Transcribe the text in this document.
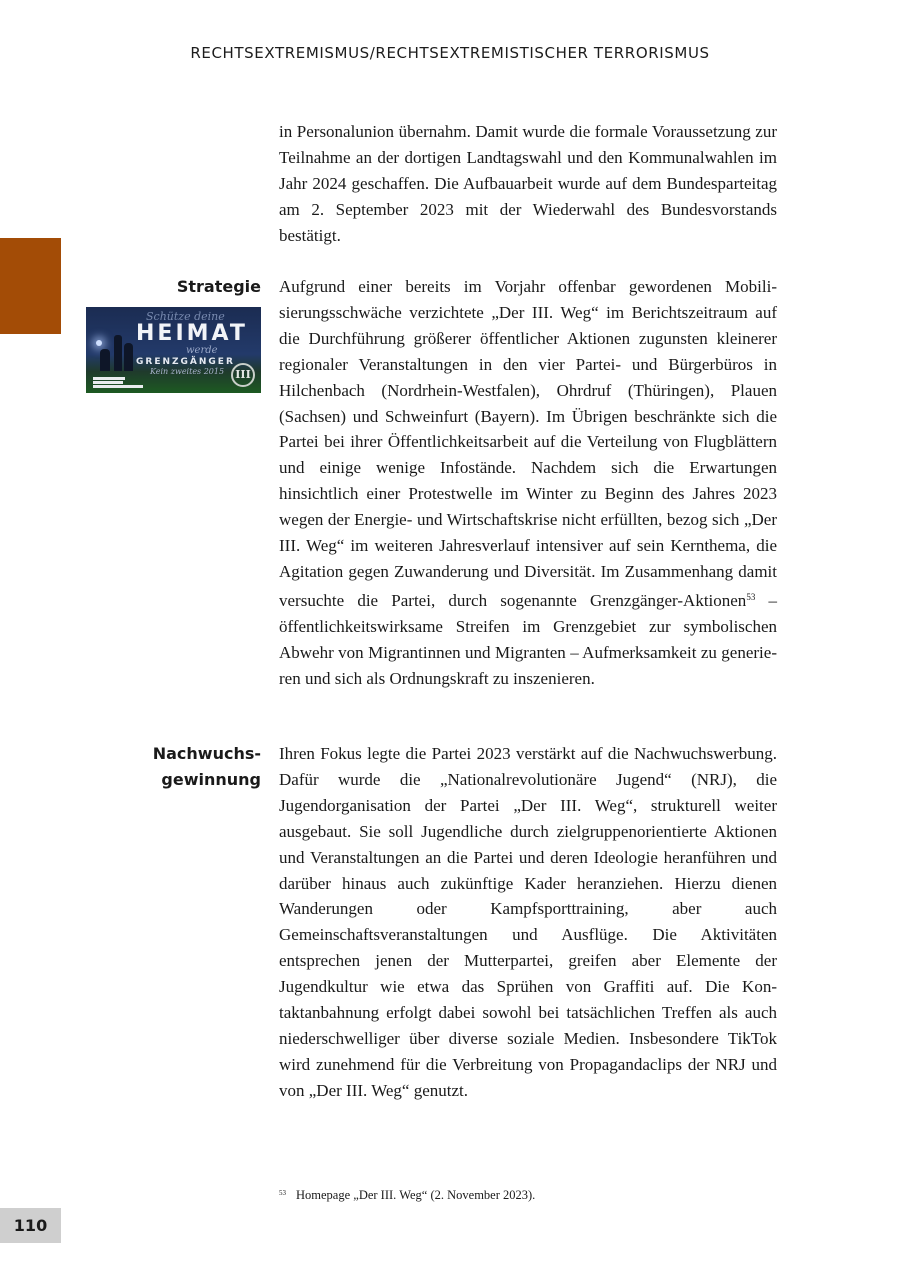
RECHTSEXTREMISMUS/RECHTSEXTREMISTISCHER TERRORISMUS

in Personalunion übernahm. Damit wurde die formale Voraussetzung zur Teilnahme an der dortigen Landtagswahl und den Kommunalwahlen im Jahr 2024 geschaffen. Die Aufbauarbeit wurde auf dem Bundesparteitag am 2. September 2023 mit der Wiederwahl des Bundesvorstands bestätigt.

Strategie
Schütze deine
HEIMAT
werde
GRENZGÄNGER
Kein zweites 2015	III

Aufgrund einer bereits im Vorjahr offenbar gewordenen Mobilisierungsschwäche verzichtete „Der III. Weg“ im Berichtszeitraum auf die Durchführung größerer öffentlicher Aktionen zugunsten kleinerer regionaler Veranstaltungen in den vier Partei- und Bürgerbüros in Hilchenbach (Nordrhein-Westfalen), Ohrdruf (Thüringen), Plauen (Sachsen) und Schweinfurt (Bayern). Im Übrigen beschränkte sich die Partei bei ihrer Öffentlichkeitsarbeit auf die Verteilung von Flugblättern und einige wenige Infostände. Nachdem sich die Erwartungen hinsichtlich einer Protestwelle im Winter zu Beginn des Jahres 2023 wegen der Energie- und Wirtschaftskrise nicht erfüllten, bezog sich „Der III. Weg“ im weiteren Jahresverlauf intensiver auf sein Kernthema, die Agitation gegen Zuwanderung und Diversität. Im Zusammenhang damit versuchte die Partei, durch sogenannte Grenzgänger-Aktionen$^{53}$ – öffentlichkeitswirksame Streifen im Grenzgebiet zur symbolischen Abwehr von Migrantinnen und Migranten – Aufmerksamkeit zu generieren und sich als Ordnungskraft zu inszenieren.

Nachwuchs-
gewinnung

Ihren Fokus legte die Partei 2023 verstärkt auf die Nachwuchswerbung. Dafür wurde die „Nationalrevolutionäre Jugend“ (NRJ), die Jugendorganisation der Partei „Der III. Weg“, strukturell weiter ausgebaut. Sie soll Jugendliche durch zielgruppenorientierte Aktionen und Veranstaltungen an die Partei und deren Ideologie heranführen und darüber hinaus auch zukünftige Kader heranziehen. Hierzu dienen Wanderungen oder Kampfsporttraining, aber auch Gemeinschaftsveranstaltungen und Ausflüge. Die Aktivitäten entsprechen jenen der Mutterpartei, greifen aber Elemente der Jugendkultur wie etwa das Sprühen von Graffiti auf. Die Kontaktanbahnung erfolgt dabei sowohl bei tatsächlichen Treffen als auch niederschwelliger über diverse soziale Medien. Insbesondere TikTok wird zunehmend für die Verbreitung von Propagandaclips der NRJ und von „Der III. Weg“ genutzt.

$^{53}$ Homepage „Der III. Weg“ (2. November 2023).
110
